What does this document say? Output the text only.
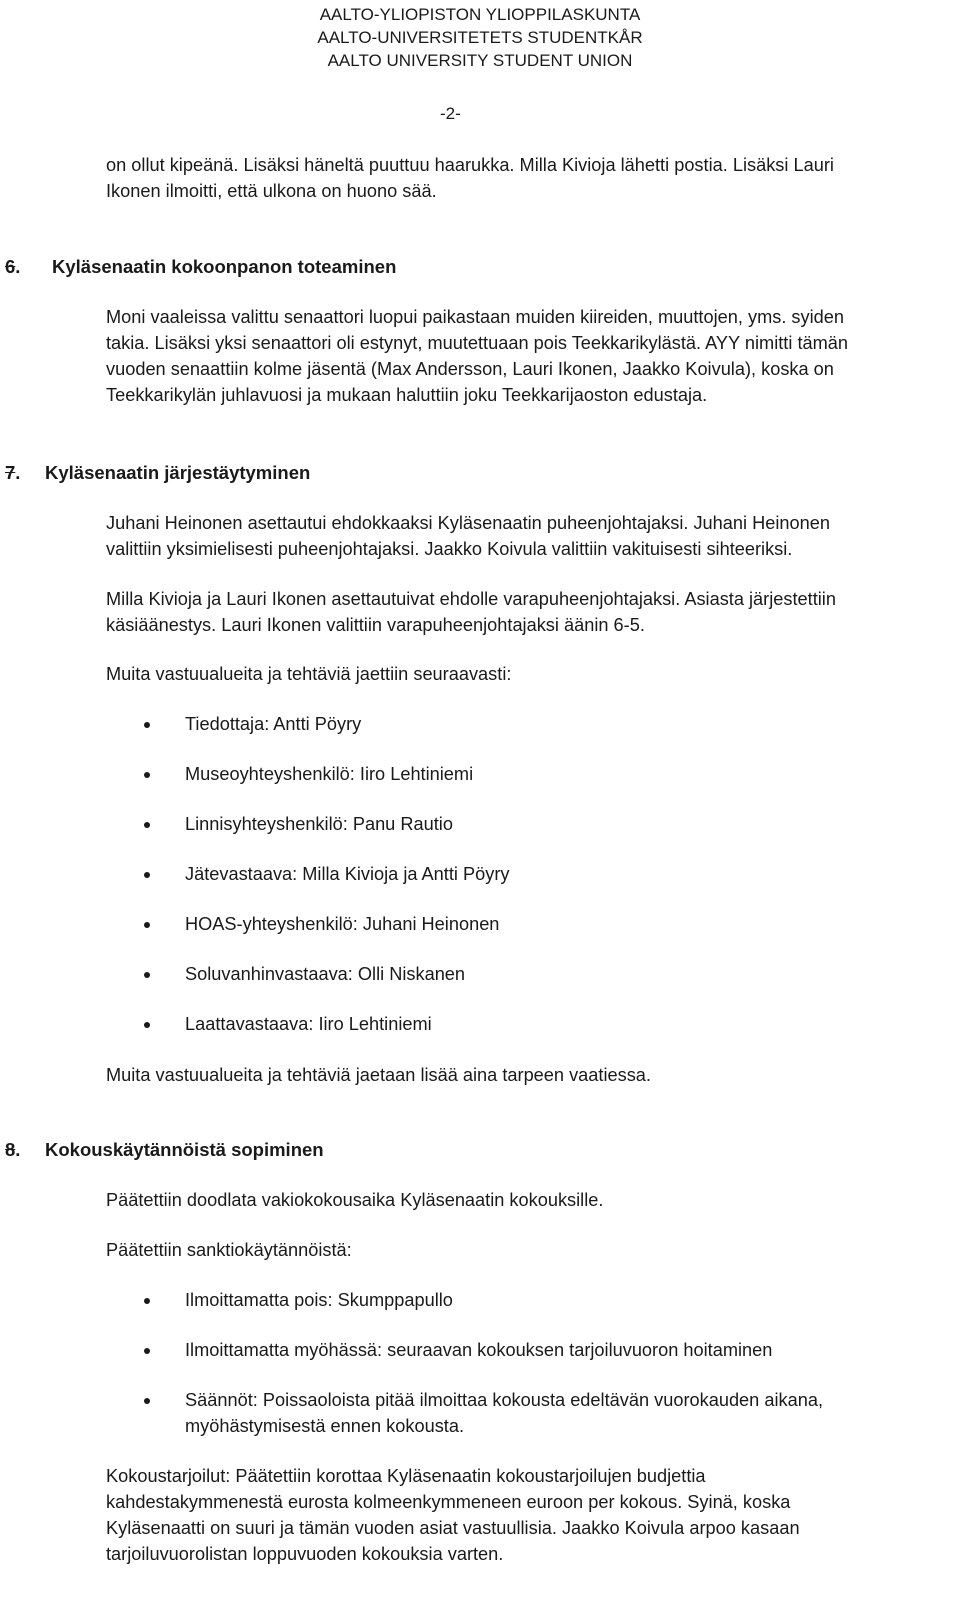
AALTO-YLIOPISTON YLIOPPILASKUNTA
AALTO-UNIVERSITETETS STUDENTKÅR
AALTO UNIVERSITY STUDENT UNION
-2-
on ollut kipeänä. Lisäksi häneltä puuttuu haarukka. Milla Kivioja lähetti postia. Lisäksi Lauri
Ikonen ilmoitti, että ulkona on huono sää.
6. Kyläsenaatin kokoonpanon toteaminen
Moni vaaleissa valittu senaattori luopui paikastaan muiden kiireiden, muuttojen, yms. syiden
takia. Lisäksi yksi senaattori oli estynyt, muutettuaan pois Teekkarikylästä. AYY nimitti tämän
vuoden senaattiin kolme jäsentä (Max Andersson, Lauri Ikonen, Jaakko Koivula), koska on
Teekkarikylän juhlavuosi ja mukaan haluttiin joku Teekkarijaoston edustaja.
7. Kyläsenaatin järjestäytyminen
Juhani Heinonen asettautui ehdokkaaksi Kyläsenaatin puheenjohtajaksi. Juhani Heinonen
valittiin yksimielisesti puheenjohtajaksi. Jaakko Koivula valittiin vakituisesti sihteeriksi.
Milla Kivioja ja Lauri Ikonen asettautuivat ehdolle varapuheenjohtajaksi. Asiasta järjestettiin
käsiäänestys. Lauri Ikonen valittiin varapuheenjohtajaksi äänin 6-5.
Muita vastuualueita ja tehtäviä jaettiin seuraavasti:
Tiedottaja: Antti Pöyry
Museoyhteyshenkilö: Iiro Lehtiniemi
Linnisyhteyshenkilö: Panu Rautio
Jätevastaava: Milla Kivioja ja Antti Pöyry
HOAS-yhteyshenkilö: Juhani Heinonen
Soluvanhinvastaava: Olli Niskanen
Laattavastaava: Iiro Lehtiniemi
Muita vastuualueita ja tehtäviä jaetaan lisää aina tarpeen vaatiessa.
8. Kokouskäytännöistä sopiminen
Päätettiin doodlata vakiokokousaika Kyläsenaatin kokouksille.
Päätettiin sanktiokäytännöistä:
Ilmoittamatta pois: Skumppapullo
Ilmoittamatta myöhässä: seuraavan kokouksen tarjoiluvuoron hoitaminen
Säännöt: Poissaoloista pitää ilmoittaa kokousta edeltävän vuorokauden aikana,
myöhästymisestä ennen kokousta.
Kokoustarjoilut: Päätettiin korottaa Kyläsenaatin kokoustarjoilujen budjettia
kahdestakymmenestä eurosta kolmeenkymmeneen euroon per kokous. Syinä, koska
Kyläsenaatti on suuri ja tämän vuoden asiat vastuullisia. Jaakko Koivula arpoo kasaan
tarjoiluvuorolistan loppuvuoden kokouksia varten.
